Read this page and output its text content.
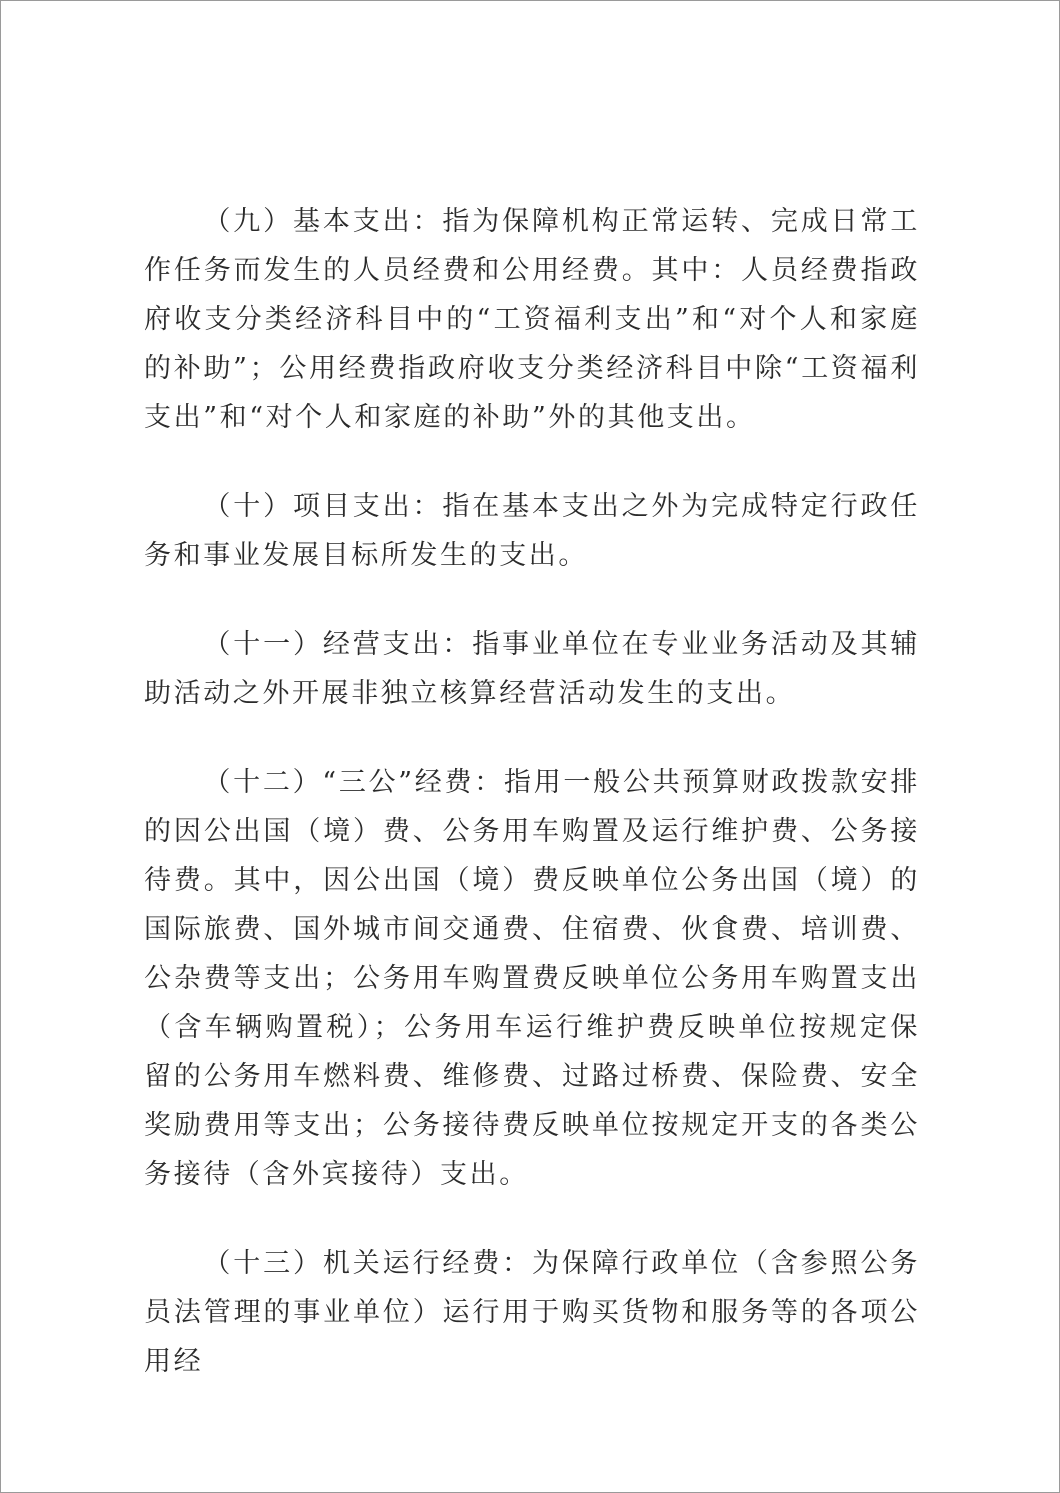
（九）基本支出：指为保障机构正常运转、完成日常工作任务而发生的人员经费和公用经费。其中：人员经费指政府收支分类经济科目中的“工资福利支出”和“对个人和家庭的补助”；公用经费指政府收支分类经济科目中除“工资福利支出”和“对个人和家庭的补助”外的其他支出。

（十）项目支出：指在基本支出之外为完成特定行政任务和事业发展目标所发生的支出。

（十一）经营支出：指事业单位在专业业务活动及其辅助活动之外开展非独立核算经营活动发生的支出。

（十二）“三公”经费：指用一般公共预算财政拨款安排的因公出国（境）费、公务用车购置及运行维护费、公务接待费。其中，因公出国（境）费反映单位公务出国（境）的国际旅费、国外城市间交通费、住宿费、伙食费、培训费、公杂费等支出；公务用车购置费反映单位公务用车购置支出（含车辆购置税）；公务用车运行维护费反映单位按规定保留的公务用车燃料费、维修费、过路过桥费、保险费、安全奖励费用等支出；公务接待费反映单位按规定开支的各类公务接待（含外宾接待）支出。

（十三）机关运行经费：为保障行政单位（含参照公务员法管理的事业单位）运行用于购买货物和服务等的各项公用经
